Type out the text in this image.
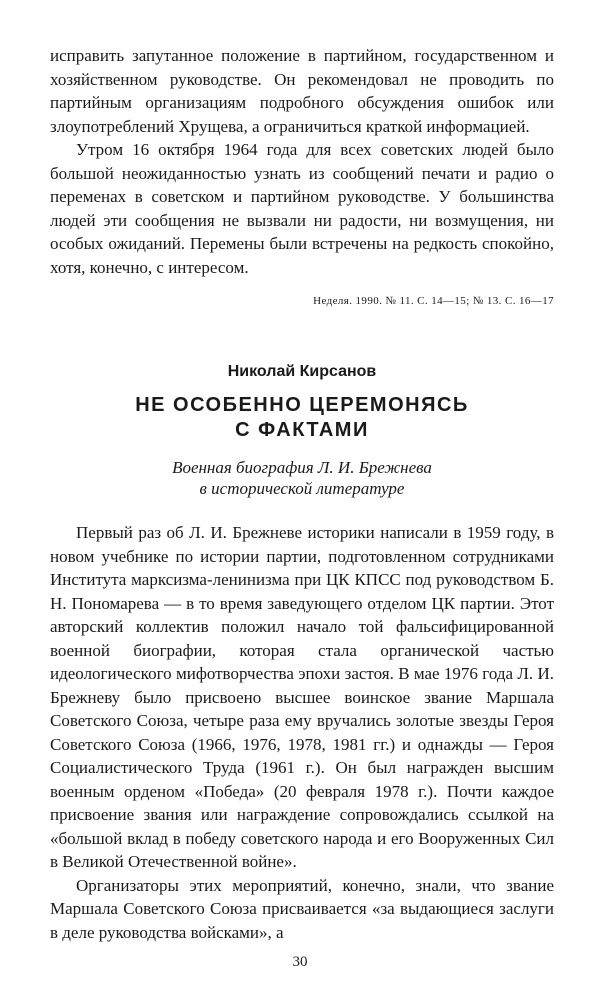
исправить запутанное положение в партийном, государственном и хозяйственном руководстве. Он рекомендовал не проводить по партийным организациям подробного обсуждения ошибок или злоупотреблений Хрущева, а ограничиться краткой информацией.

Утром 16 октября 1964 года для всех советских людей было большой неожиданностью узнать из сообщений печати и радио о переменах в советском и партийном руководстве. У большинства людей эти сообщения не вызвали ни радости, ни возмущения, ни особых ожиданий. Перемены были встречены на редкость спокойно, хотя, конечно, с интересом.

Неделя. 1990. № 11. С. 14—15; № 13. С. 16—17

Николай Кирсанов
НЕ ОСОБЕННО ЦЕРЕМОНЯСЬ
С ФАКТАМИ
Военная биография Л. И. Брежнева
в исторической литературе

Первый раз об Л. И. Брежневе историки написали в 1959 году, в новом учебнике по истории партии, подготовленном сотрудниками Института марксизма-ленинизма при ЦК КПСС под руководством Б. Н. Пономарева — в то время заведующего отделом ЦК партии. Этот авторский коллектив положил начало той фальсифицированной военной биографии, которая стала органической частью идеологического мифотворчества эпохи застоя. В мае 1976 года Л. И. Брежневу было присвоено высшее воинское звание Маршала Советского Союза, четыре раза ему вручались золотые звезды Героя Советского Союза (1966, 1976, 1978, 1981 гг.) и однажды — Героя Социалистического Труда (1961 г.). Он был награжден высшим военным орденом «Победа» (20 февраля 1978 г.). Почти каждое присвоение звания или награждение сопровождались ссылкой на «большой вклад в победу советского народа и его Вооруженных Сил в Великой Отечественной войне».

Организаторы этих мероприятий, конечно, знали, что звание Маршала Советского Союза присваивается «за выдающиеся заслуги в деле руководства войсками», а

30
